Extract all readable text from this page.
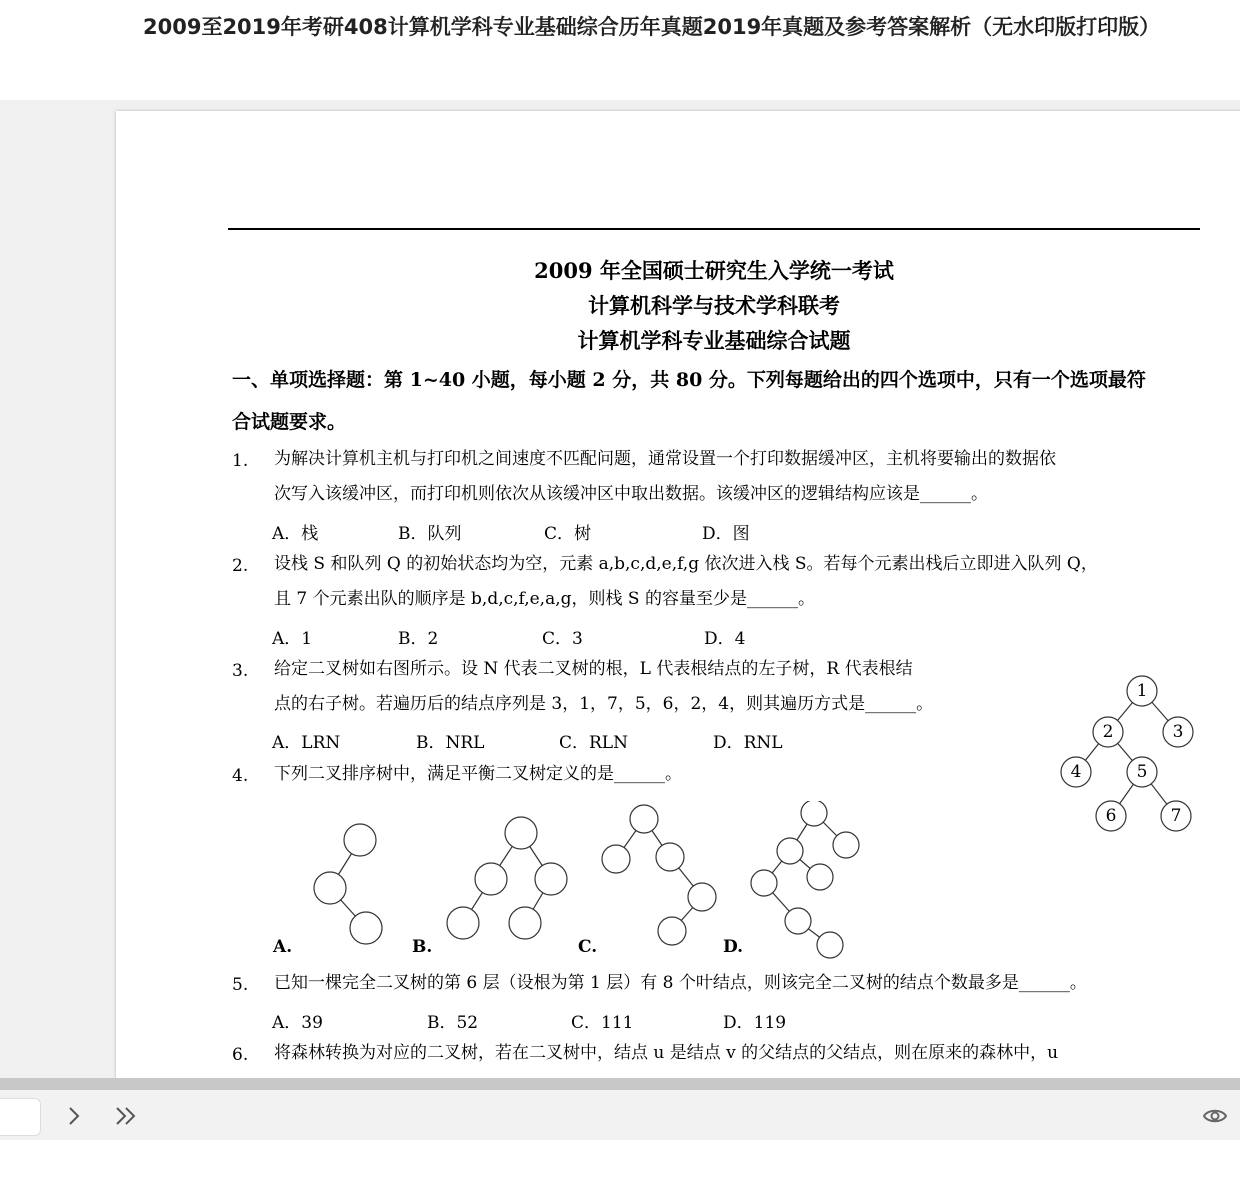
2009至2019年考研408计算机学科专业基础综合历年真题2019年真题及参考答案解析（无水印版打印版）
2009 年全国硕士研究生入学统一考试
计算机科学与技术学科联考
计算机学科专业基础综合试题
一、单项选择题：第 1~40 小题，每小题 2 分，共 80 分。下列每题给出的四个选项中，只有一个选项最符
合试题要求。
1. 为解决计算机主机与打印机之间速度不匹配问题，通常设置一个打印数据缓冲区，主机将要输出的数据依
次写入该缓冲区，而打印机则依次从该缓冲区中取出数据。该缓冲区的逻辑结构应该是______。
A．栈	B．队列	C．树	D．图
2. 设栈 S 和队列 Q 的初始状态均为空，元素 a,b,c,d,e,f,g 依次进入栈 S。若每个元素出栈后立即进入队列 Q，
且 7 个元素出队的顺序是 b,d,c,f,e,a,g，则栈 S 的容量至少是______。
A．1	B．2	C．3	D．4
3. 给定二叉树如右图所示。设 N 代表二叉树的根，L 代表根结点的左子树，R 代表根结
点的右子树。若遍历后的结点序列是 3，1，7，5，6，2，4，则其遍历方式是______。
A．LRN	B．NRL	C．RLN	D．RNL
1
2	3
4	5
6	7
4. 下列二叉排序树中，满足平衡二叉树定义的是______。
A.	B.	C.	D.
5. 已知一棵完全二叉树的第 6 层（设根为第 1 层）有 8 个叶结点，则该完全二叉树的结点个数最多是______。
A．39	B．52	C．111	D．119
6. 将森林转换为对应的二叉树，若在二叉树中，结点 u 是结点 v 的父结点的父结点，则在原来的森林中，u
